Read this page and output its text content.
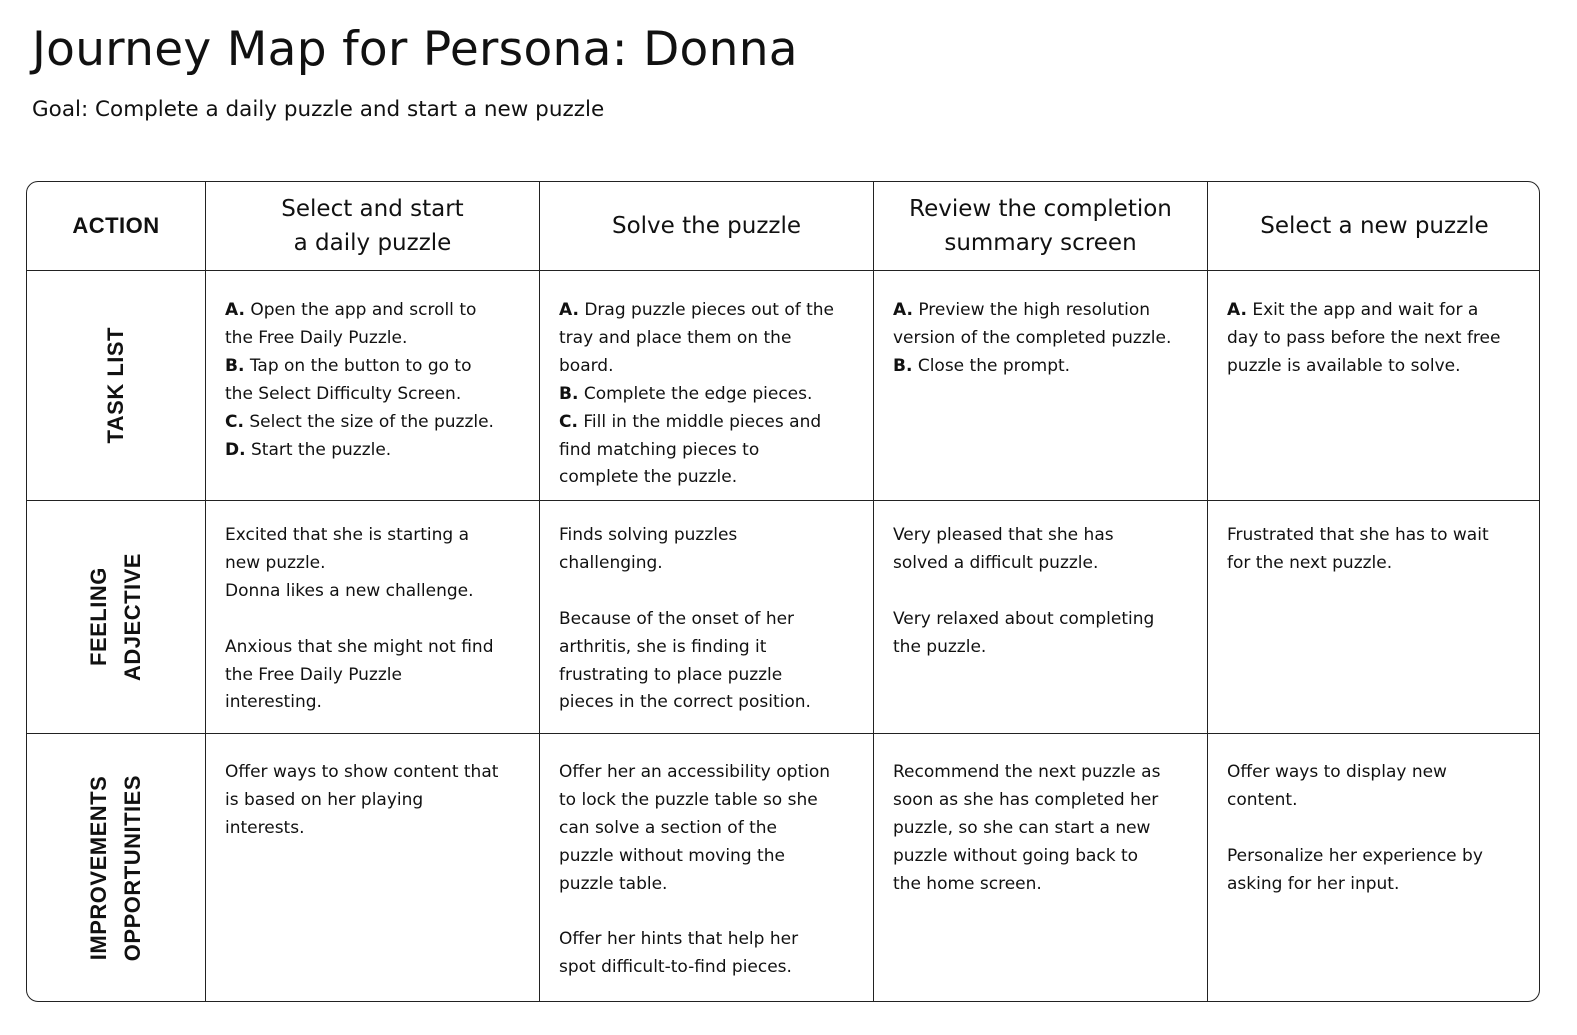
Journey Map for Persona: Donna
Goal: Complete a daily puzzle and start a new puzzle
ACTION
Select and start
a daily puzzle
Solve the puzzle
Review the completion
summary screen
Select a new puzzle
TASK LIST
A. Open the app and scroll to
the Free Daily Puzzle.
B. Tap on the button to go to
the Select Difficulty Screen.
C. Select the size of the puzzle.
D. Start the puzzle.
A. Drag puzzle pieces out of the
tray and place them on the
board.
B. Complete the edge pieces.
C. Fill in the middle pieces and
find matching pieces to
complete the puzzle.
A. Preview the high resolution
version of the completed puzzle.
B. Close the prompt.
A. Exit the app and wait for a
day to pass before the next free
puzzle is available to solve.
FEELING
ADJECTIVE
Excited that she is starting a
new puzzle.
Donna likes a new challenge.
Anxious that she might not find
the Free Daily Puzzle
interesting.
Finds solving puzzles
challenging.
Because of the onset of her
arthritis, she is finding it
frustrating to place puzzle
pieces in the correct position.
Very pleased that she has
solved a difficult puzzle.
Very relaxed about completing
the puzzle.
Frustrated that she has to wait
for the next puzzle.
IMPROVEMENTS
OPPORTUNITIES
Offer ways to show content that
is based on her playing
interests.
Offer her an accessibility option
to lock the puzzle table so she
can solve a section of the
puzzle without moving the
puzzle table.
Offer her hints that help her
spot difficult-to-find pieces.
Recommend the next puzzle as
soon as she has completed her
puzzle, so she can start a new
puzzle without going back to
the home screen.
Offer ways to display new
content.
Personalize her experience by
asking for her input.
